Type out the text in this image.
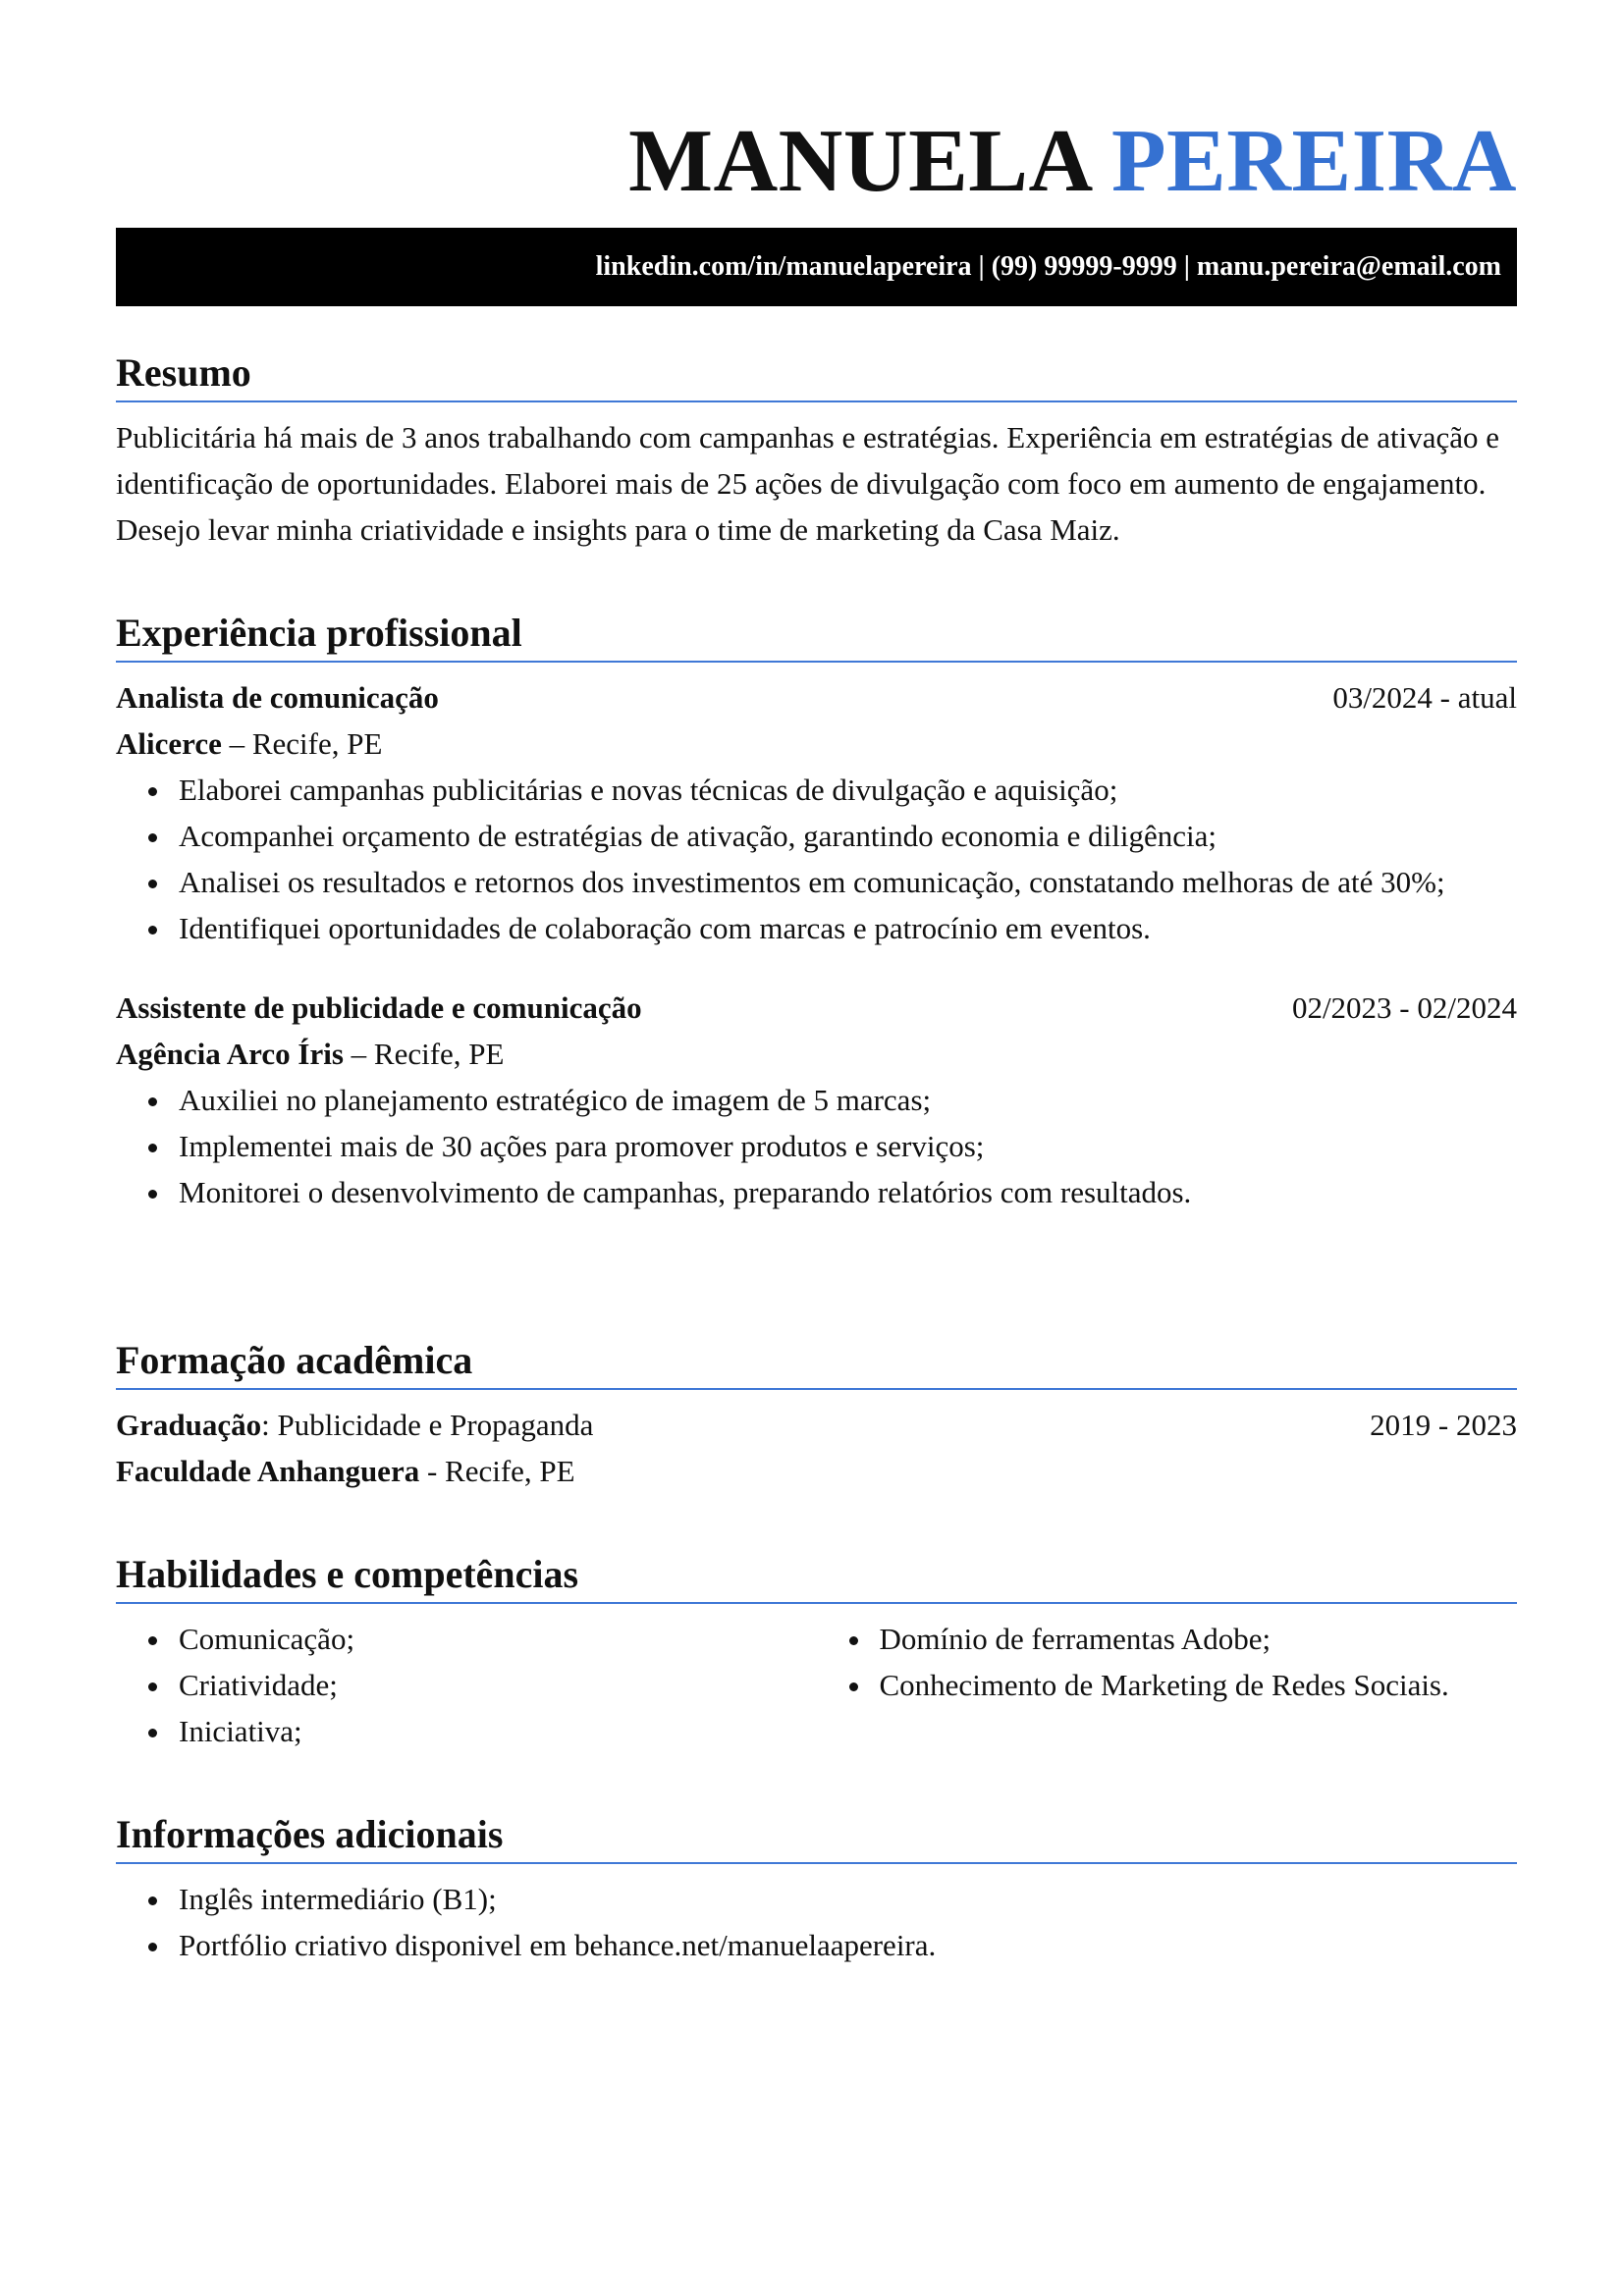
MANUELA PEREIRA
linkedin.com/in/manuelapereira | (99) 99999-9999 | manu.pereira@email.com
Resumo

Publicitária há mais de 3 anos trabalhando com campanhas e estratégias. Experiência em estratégias de ativação e identificação de oportunidades. Elaborei mais de 25 ações de divulgação com foco em aumento de engajamento. Desejo levar minha criatividade e insights para o time de marketing da Casa Maiz.

Experiência profissional
Analista de comunicação	03/2024 - atual
Alicerce – Recife, PE
Elaborei campanhas publicitárias e novas técnicas de divulgação e aquisição;
Acompanhei orçamento de estratégias de ativação, garantindo economia e diligência;
Analisei os resultados e retornos dos investimentos em comunicação, constatando melhoras de até 30%;
Identifiquei oportunidades de colaboração com marcas e patrocínio em eventos.
Assistente de publicidade e comunicação	02/2023 - 02/2024
Agência Arco Íris – Recife, PE
Auxiliei no planejamento estratégico de imagem de 5 marcas;
Implementei mais de 30 ações para promover produtos e serviços;
Monitorei o desenvolvimento de campanhas, preparando relatórios com resultados.
Formação acadêmica
Graduação: Publicidade e Propaganda	2019 - 2023
Faculdade Anhanguera - Recife, PE
Habilidades e competências
Comunicação;
Criatividade;
Iniciativa;
Domínio de ferramentas Adobe;
Conhecimento de Marketing de Redes Sociais.
Informações adicionais
Inglês intermediário (B1);
Portfólio criativo disponivel em behance.net/manuelaapereira.
